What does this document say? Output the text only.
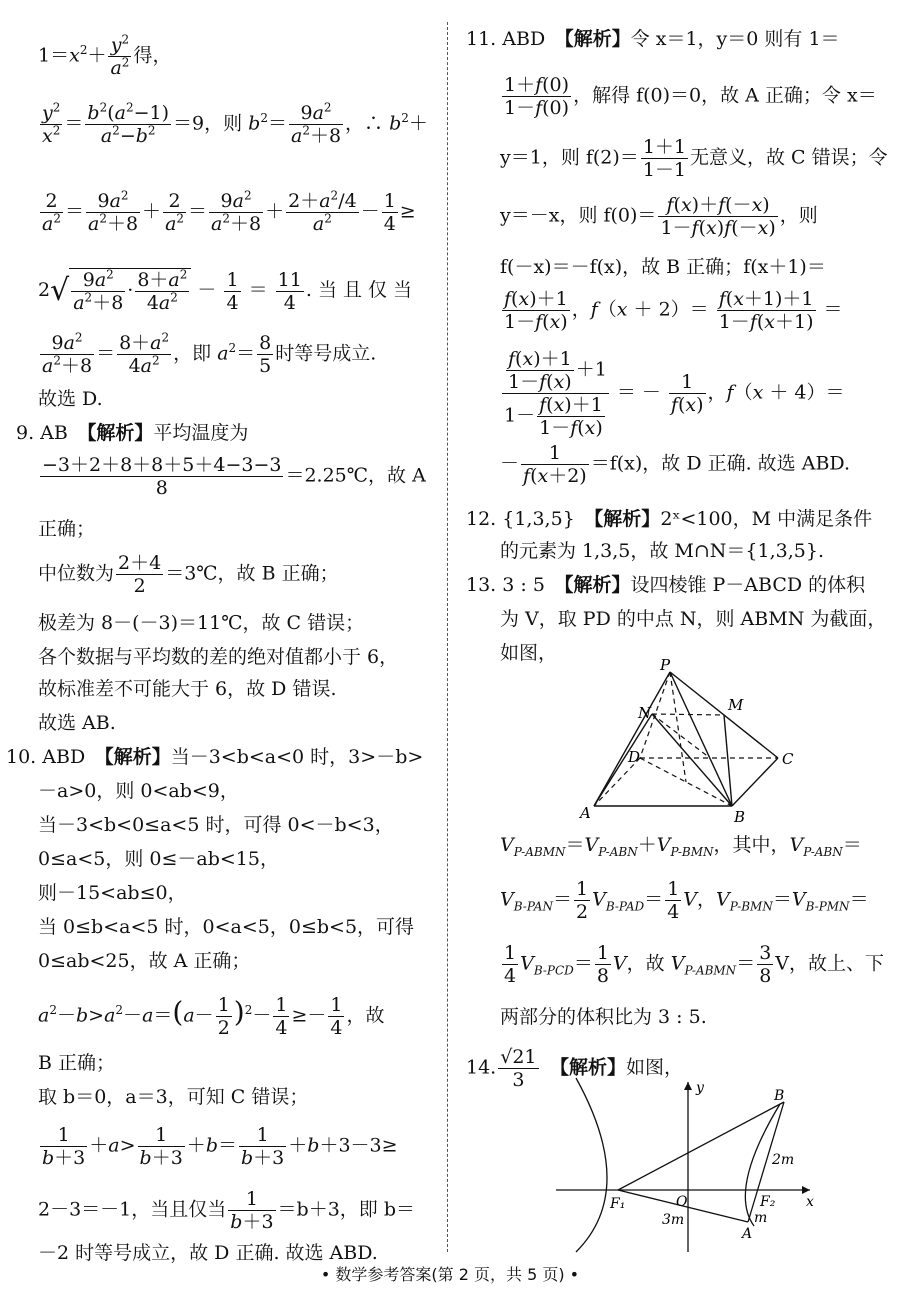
$1=x^2+ \frac{y^2}{a^2}$ 得，
$\frac{y^2}{x^2} = \frac{b^2(a^2-1)}{a^2-b^2} =9$，则 $b^2= \frac{9a^2}{a^2+8}$ ，∴ $b^2+$
$\frac{2}{a^2} = \frac{9a^2}{a^2+8} + \frac{2}{a^2} = \frac{9a^2}{a^2+8} + \frac{2+a^2/4}{a^2} - \frac{1}{4}$ ≥
$2√ \frac{9a^2}{a^2+8} \cdot \frac{8+a^2}{4a^2} - \frac{1}{4} = \frac{11}{4}$ . 当 且 仅 当
$\frac{9a^2}{a^2+8} = \frac{8+a^2}{4a^2}$ ，即 $a^2= \frac{8}{5}$ 时等号成立.
故选 D.
9. AB　 【解析】平均温度为
$\frac{-3+2+8+8+5+4-3-3}{8}$ ＝2.25℃，故 A
正确；
中位数为 $\frac{2+4}{2}$ ＝3℃，故 B 正确；
极差为 8－(－3)＝11℃，故 C 错误；
各个数据与平均数的差的绝对值都小于 6，
故标准差不可能大于 6，故 D 错误.
故选 AB.
10. ABD　 【解析】当－3<b<a<0 时，3>－b>
－a>0，则 0<ab<9，
当－3<b<0≤a<5 时，可得 0<－b<3，
0≤a<5，则 0≤－ab<15，
则－15<ab≤0，
当 0≤b<a<5 时，0<a<5，0≤b<5，可得
0≤ab<25，故 A 正确；
$a^2-b>a^2-a=(a- \frac{1}{2} )^2- \frac{1}{4} \ge- \frac{1}{4}$ ，故
B 正确；
取 b＝0，a＝3，可知 C 错误；
$\frac{1}{b+3} +a> \frac{1}{b+3} +b= \frac{1}{b+3} +b+3-3\ge$
2－3＝－1，当且仅当 $\frac{1}{b+3} =b+3$，即 b＝
－2 时等号成立，故 D 正确. 故选 ABD.
11. ABD　 【解析】令 x＝1，y＝0 则有 1＝
$\frac{1+f(0)}{1-f(0)}$ ，解得 f(0)＝0，故 A 正确；令 x＝
y＝1，则 $f(2)= \frac{1+1}{1-1}$ 无意义，故 C 错误；令
y＝－x，则 $f(0)= \frac{f(x)+f(-x)}{1-f(x)f(-x)}$ ，则
f(－x)＝－f(x)，故 B 正确；f(x＋1)＝
$\frac{f(x)+1}{1-f(x)}$ ，$f(x + 2)= \frac{f(x+1)+1}{1-f(x+1)}$ ＝
$\frac{\frac{f(x)+1}{1-f(x)} +1}{1- \frac{f(x)+1}{1-f(x)}}$ ＝ － $\frac{1}{f(x)}$ ，f（x ＋ 4）＝
－ $\frac{1}{f(x+2)} =f(x)$，故 D 正确. 故选 ABD.
12. {1,3,5}　 【解析】2ˣ<100，M 中满足条件
的元素为 1,3,5，故 M∩N＝{1,3,5}.
13. 3 : 5　 【解析】设四棱锥 P－ABCD 的体积
为 V，取 PD 的中点 N，则 ABMN 为截面，
如图，
$V_{P-ABMN}=V_{P-ABN}+V_{P-BMN}$，其中，$V_{P-ABN}=$
$V_{B-PAN}= \frac{1}{2} V_{B-PAD}= \frac{1}{4}$ V，$V_{P-BMN}=V_{B-PMN}=$
$\frac{1}{4} V_{B-PCD}= \frac{1}{8}$ V，故 $V_{P-ABMN}= \frac{3}{8}$ V，故上、下
两部分的体积比为 3 : 5.
14. $\frac{√21}{3}$
　 【解析】如图，
P
M
N
D	C
A	B
y
x
B
F₁	F₂
O
A
2m
3m	m
• 数学参考答案(第 2 页，共 5 页) •
